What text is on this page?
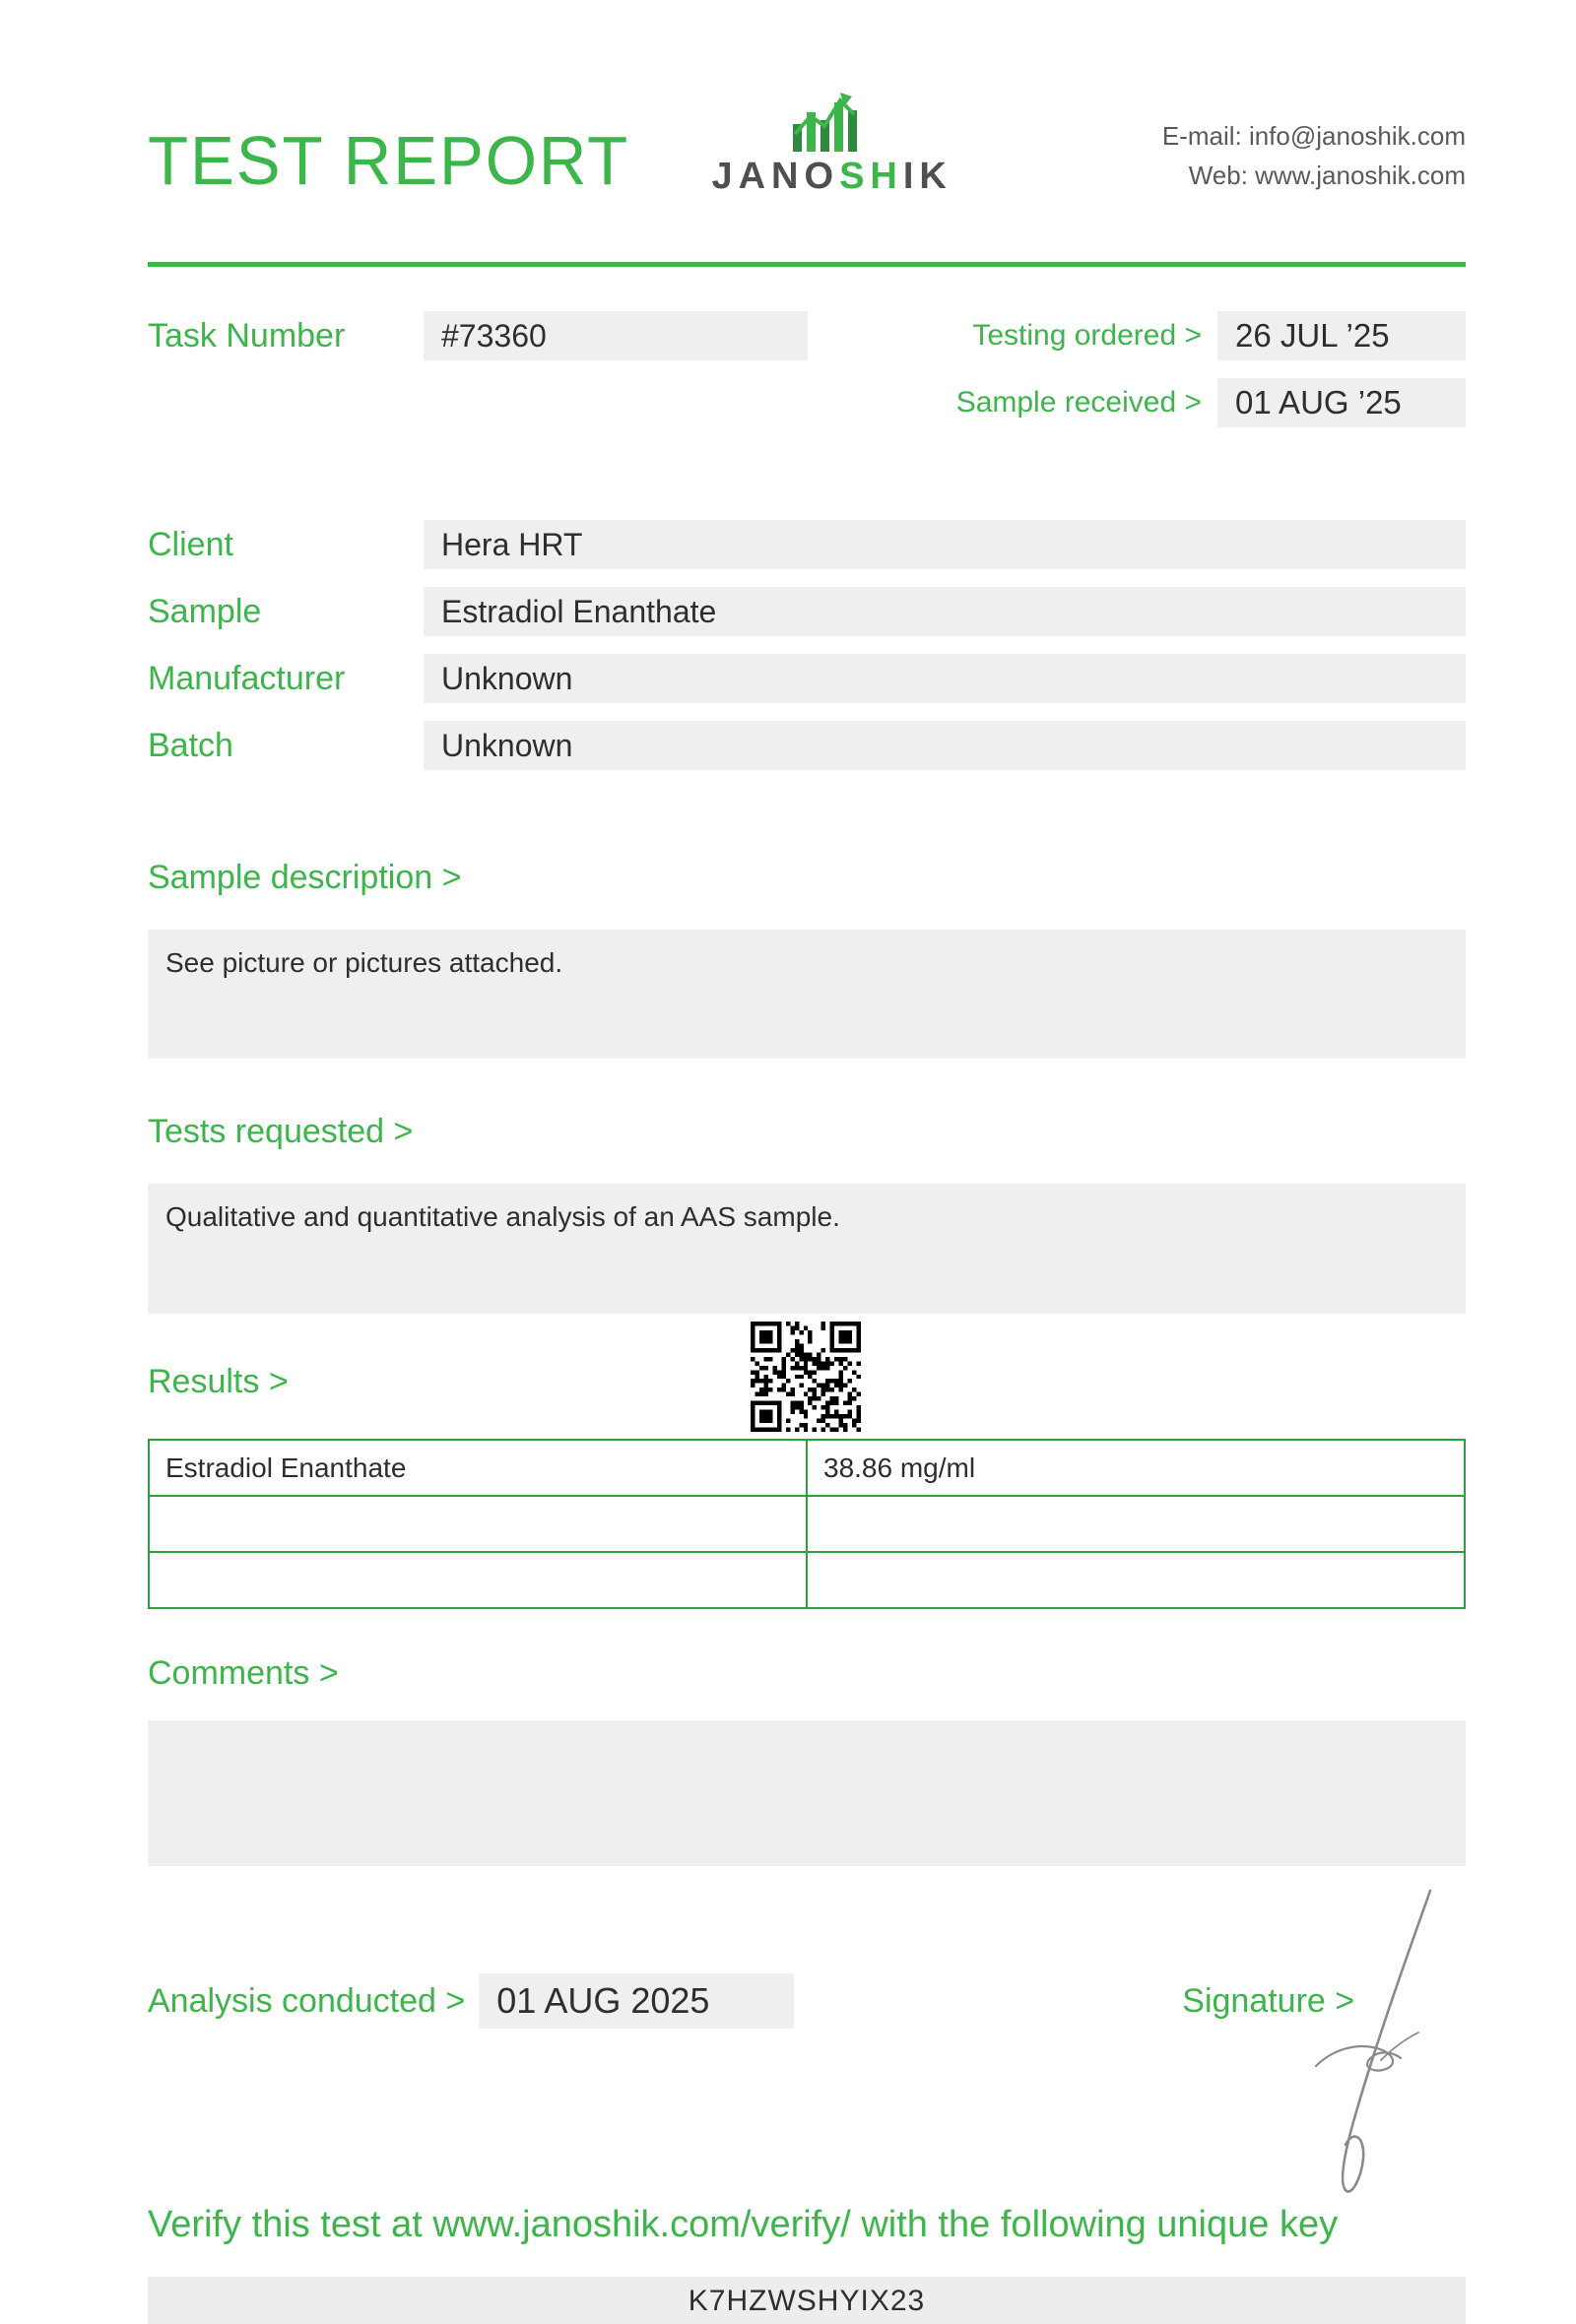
TEST REPORT JANOSHIK
E-mail: info@janoshik.com
Web: www.janoshik.com
Task Number	#73360	Testing ordered >	26 JUL ’25
Sample received >	01 AUG ’25
Client	Hera HRT
Sample	Estradiol Enanthate
Manufacturer	Unknown
Batch	Unknown
Sample description >
See picture or pictures attached.
Tests requested >
Qualitative and quantitative analysis of an AAS sample.
Results >
Estradiol Enanthate	38.86 mg/ml

Comments >
Analysis conducted > 01 AUG 2025	Signature >
Verify this test at www.janoshik.com/verify/ with the following unique key
K7HZWSHYIX23
